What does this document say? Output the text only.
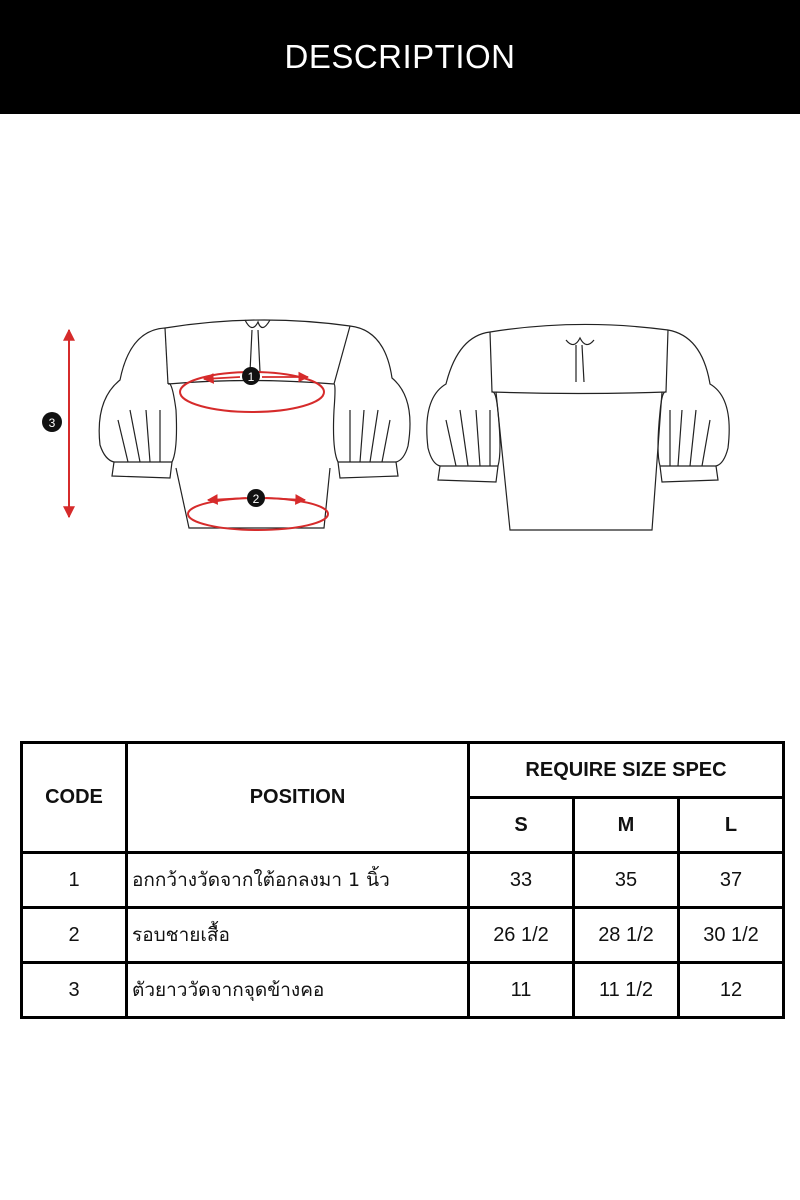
DESCRIPTION
1
2
3
CODE	POSITION	REQUIRE SIZE SPEC		
		S	M	L
1	อกกว้างวัดจากใต้อกลงมา 1 นิ้ว	33	35	37
2	รอบชายเสื้อ	26 1/2	28 1/2	30 1/2
3	ตัวยาววัดจากจุดข้างคอ	11	11 1/2	12
